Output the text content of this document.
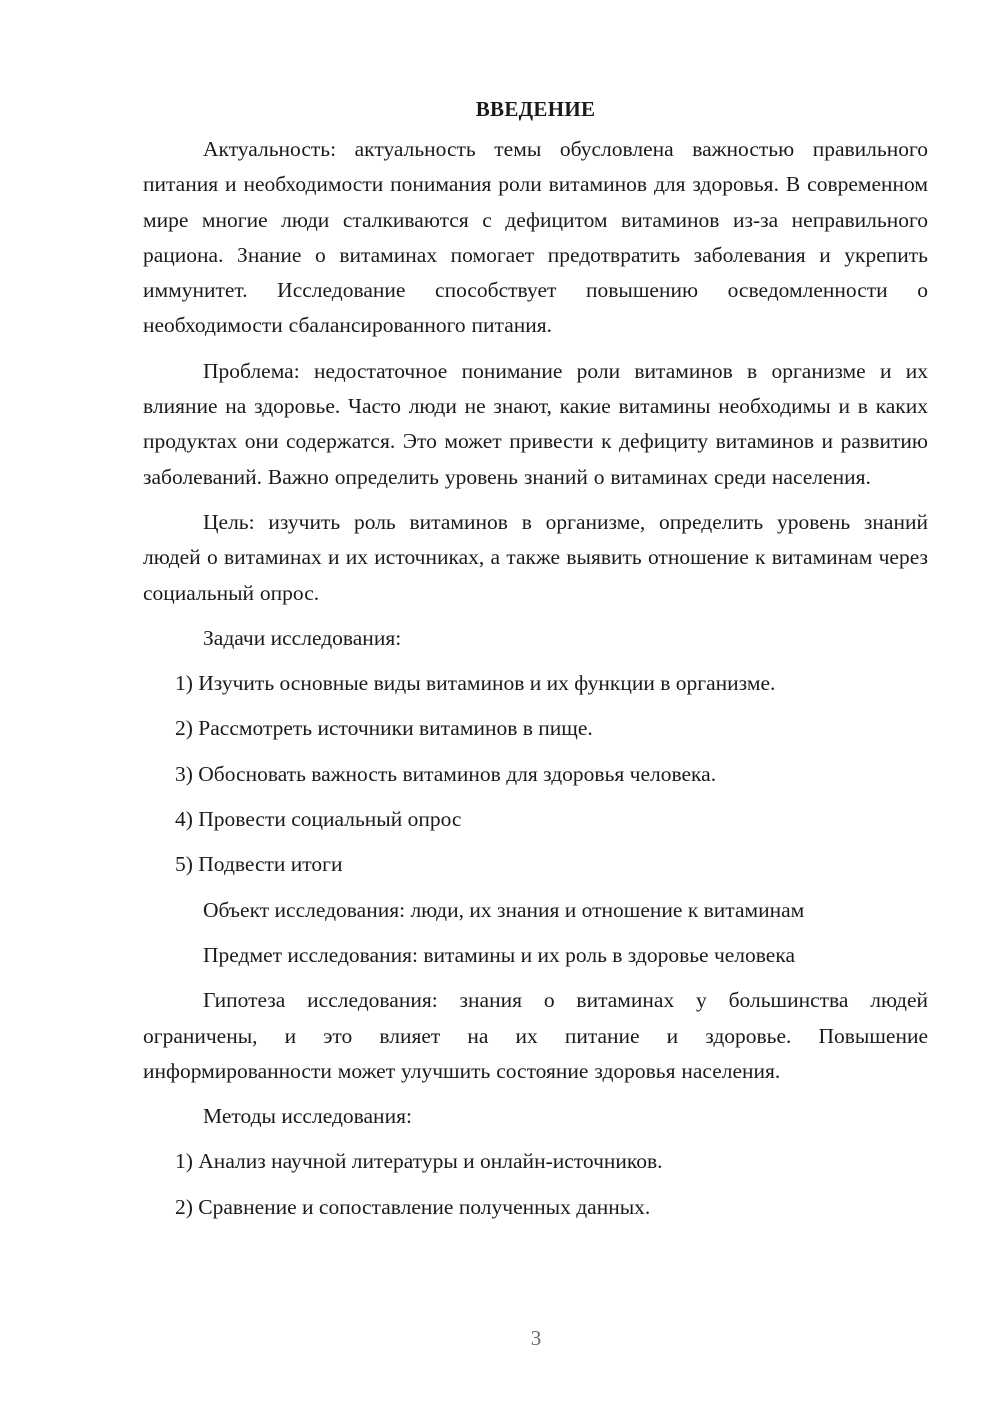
ВВЕДЕНИЕ

Актуальность: актуальность темы обусловлена важностью правильного питания и необходимости понимания роли витаминов для здоровья. В современном мире многие люди сталкиваются с дефицитом витаминов из-за неправильного рациона. Знание о витаминах помогает предотвратить заболевания и укрепить иммунитет. Исследование способствует повышению осведомленности о необходимости сбалансированного питания.

Проблема: недостаточное понимание роли витаминов в организме и их влияние на здоровье. Часто люди не знают, какие витамины необходимы и в каких продуктах они содержатся. Это может привести к дефициту витаминов и развитию заболеваний. Важно определить уровень знаний о витаминах среди населения.

Цель: изучить роль витаминов в организме, определить уровень знаний людей о витаминах и их источниках, а также выявить отношение к витаминам через социальный опрос.

Задачи исследования:
1) Изучить основные виды витаминов и их функции в организме.
2) Рассмотреть источники витаминов в пище.
3) Обосновать важность витаминов для здоровья человека.
4) Провести социальный опрос
5) Подвести итоги
Объект исследования: люди, их знания и отношение к витаминам
Предмет исследования: витамины и их роль в здоровье человека

Гипотеза исследования: знания о витаминах у большинства людей ограничены, и это влияет на их питание и здоровье. Повышение информированности может улучшить состояние здоровья населения.

Методы исследования:
1) Анализ научной литературы и онлайн-источников.
2) Сравнение и сопоставление полученных данных.
3
